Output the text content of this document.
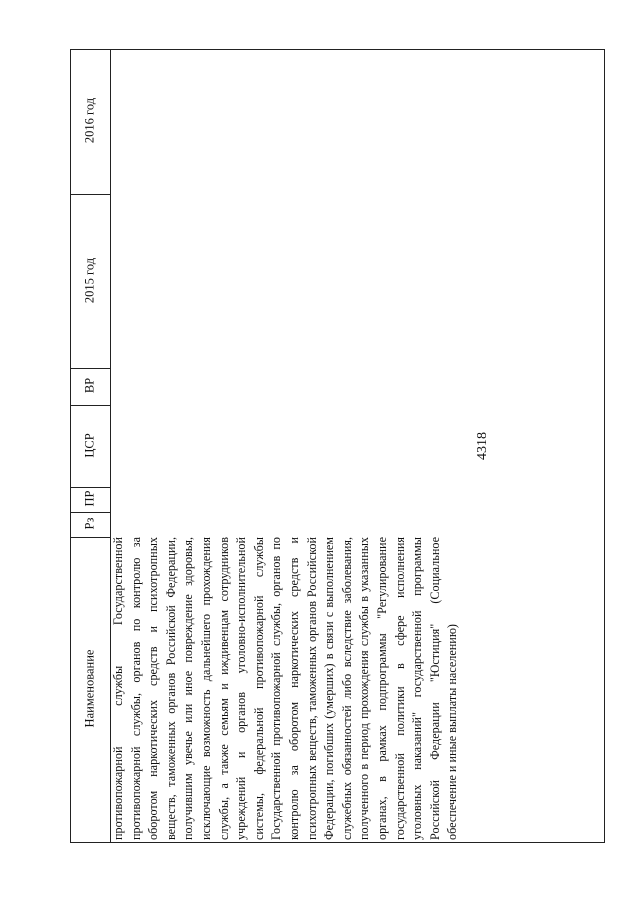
4318
Наименование
Рз
ПР
ЦСР
ВР
2015 год
2016 год

противопожарной службы Государственной противопожарной службы, органов по контролю за оборотом наркотических средств и психотропных веществ, таможенных органов Российской Федерации, получившим увечье или иное повреждение здоровья, исключающие возможность дальнейшего прохождения службы, а также семьям и иждивенцам сотрудников учреждений и органов уголовно-исполнительной системы, федеральной противопожарной службы Государственной противопожарной службы, органов по контролю за оборотом наркотических средств и психотропных веществ, таможенных органов Российской Федерации, погибших (умерших) в связи с выполнением служебных обязанностей либо вследствие заболевания, полученного в период прохождения службы в указанных органах, в рамках подпрограммы "Регулирование государственной политики в сфере исполнения уголовных наказаний" государственной программы Российской Федерации "Юстиция" (Социальное обеспечение и иные выплаты населению)
